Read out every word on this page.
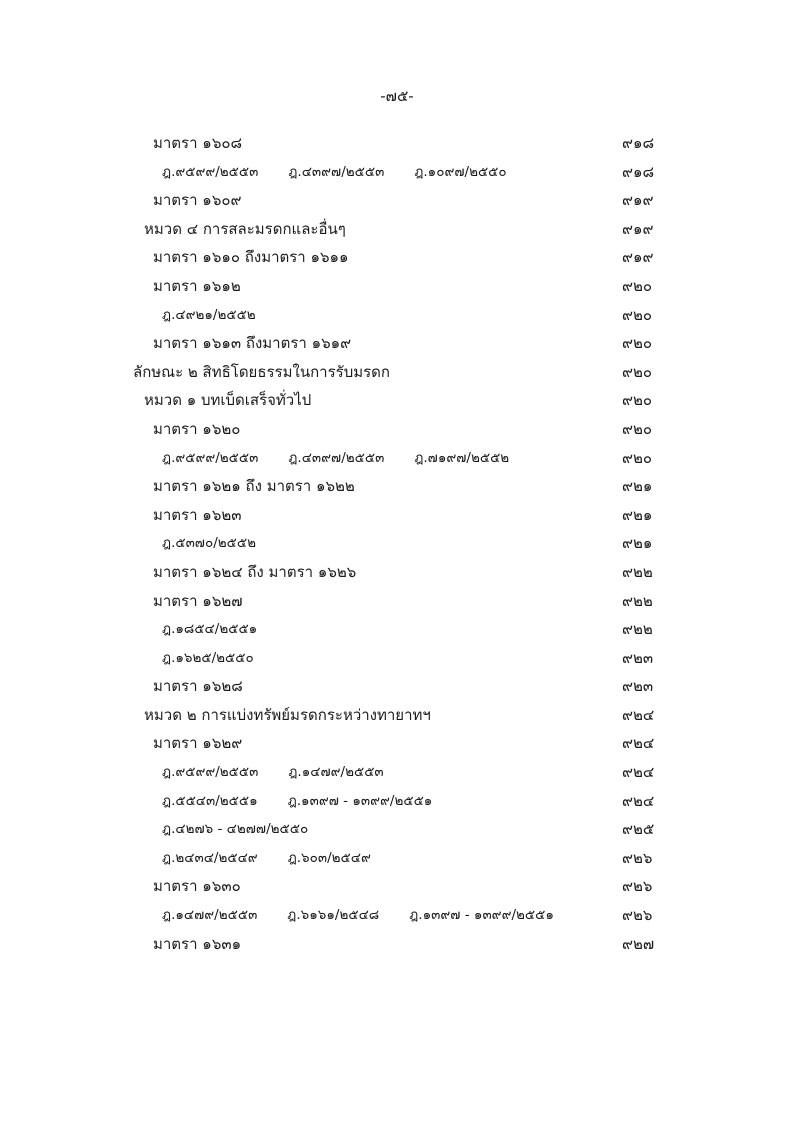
-๗๕-
มาตรา ๑๖๐๘	๙๑๘
ฎ.๙๕๙๙/๒๕๕๓ ฎ.๔๓๙๗/๒๕๕๓ ฎ.๑๐๙๗/๒๕๕๐	๙๑๘
มาตรา ๑๖๐๙	๙๑๙
หมวด ๔ การสละมรดกและอื่นๆ	๙๑๙
มาตรา ๑๖๑๐ ถึงมาตรา ๑๖๑๑	๙๑๙
มาตรา ๑๖๑๒	๙๒๐
ฎ.๔๙๒๑/๒๕๕๒	๙๒๐
มาตรา ๑๖๑๓ ถึงมาตรา ๑๖๑๙	๙๒๐
ลักษณะ ๒ สิทธิโดยธรรมในการรับมรดก	๙๒๐
หมวด ๑ บทเบ็ดเสร็จทั่วไป	๙๒๐
มาตรา ๑๖๒๐	๙๒๐
ฎ.๙๕๙๙/๒๕๕๓ ฎ.๔๓๙๗/๒๕๕๓ ฎ.๗๑๙๗/๒๕๕๒	๙๒๐
มาตรา ๑๖๒๑ ถึง มาตรา ๑๖๒๒	๙๒๑
มาตรา ๑๖๒๓	๙๒๑
ฎ.๕๓๗๐/๒๕๕๒	๙๒๑
มาตรา ๑๖๒๔ ถึง มาตรา ๑๖๒๖	๙๒๒
มาตรา ๑๖๒๗	๙๒๒
ฎ.๑๘๕๔/๒๕๕๑	๙๒๒
ฎ.๑๖๒๕/๒๕๕๐	๙๒๓
มาตรา ๑๖๒๘	๙๒๓
หมวด ๒ การแบ่งทรัพย์มรดกระหว่างทายาทฯ	๙๒๔
มาตรา ๑๖๒๙	๙๒๔
ฎ.๙๕๙๙/๒๕๕๓ ฎ.๑๔๗๙/๒๕๕๓	๙๒๔
ฎ.๕๕๔๓/๒๕๕๑ ฎ.๑๓๙๗ - ๑๓๙๙/๒๕๕๑	๙๒๔
ฎ.๔๒๗๖ - ๔๒๗๗/๒๕๕๐	๙๒๕
ฎ.๒๔๓๔/๒๕๔๙ ฎ.๖๐๓/๒๕๔๙	๙๒๖
มาตรา ๑๖๓๐	๙๒๖
ฎ.๑๔๗๙/๒๕๕๓ ฎ.๖๑๖๑/๒๕๔๘ ฎ.๑๓๙๗ - ๑๓๙๙/๒๕๕๑	๙๒๖
มาตรา ๑๖๓๑	๙๒๗
